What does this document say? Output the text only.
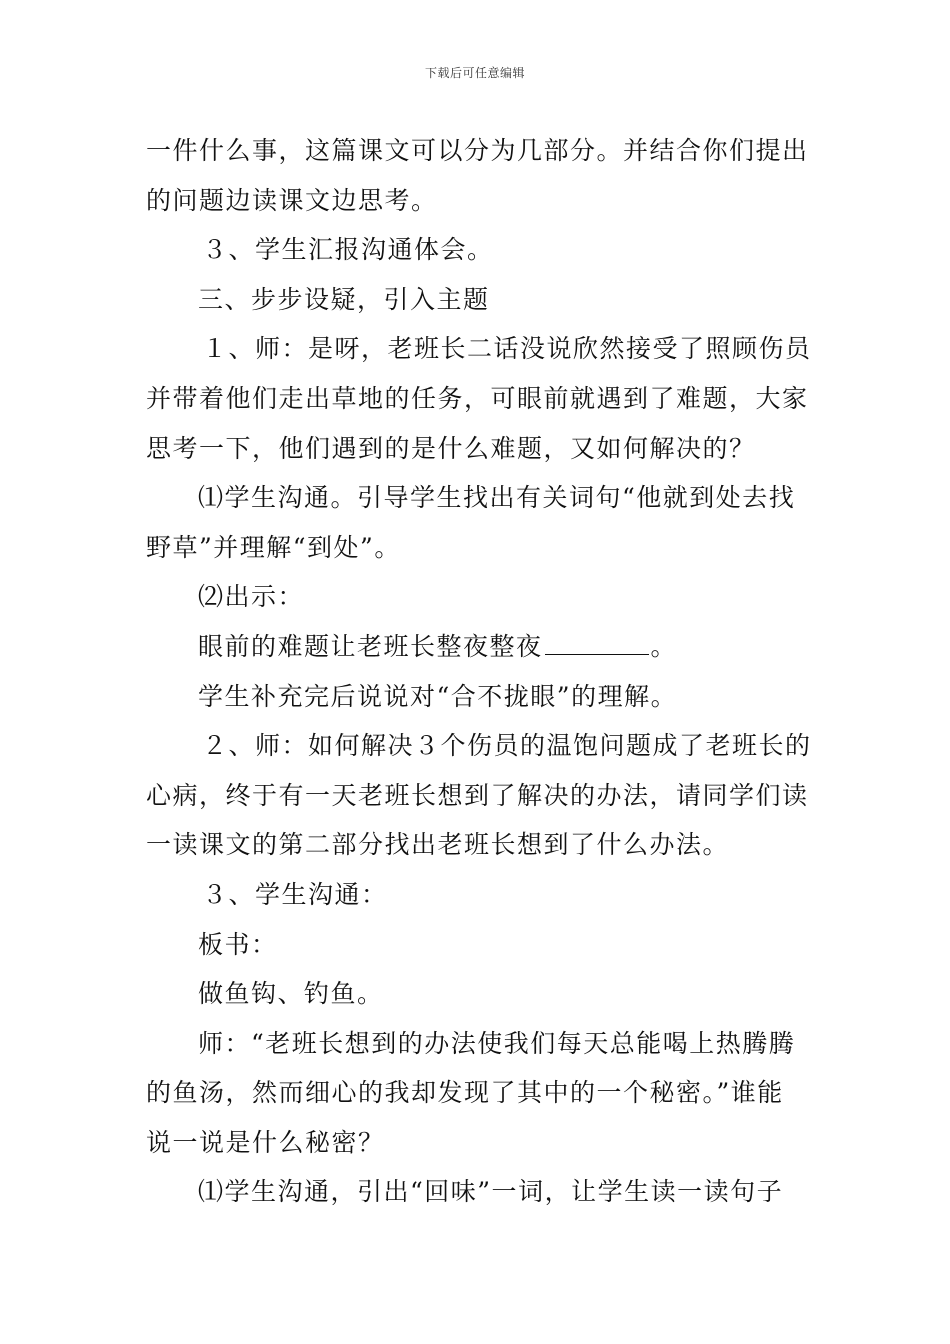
下载后可任意编辑
一件什么事，这篇课文可以分为几部分。并结合你们提出
的问题边读课文边思考。
３、学生汇报沟通体会。
三、步步设疑，引入主题
１、师：是呀，老班长二话没说欣然接受了照顾伤员
并带着他们走出草地的任务，可眼前就遇到了难题，大家
思考一下，他们遇到的是什么难题，又如何解决的？
⑴学生沟通。引导学生找出有关词句“他就到处去找
野草”并理解“到处”。
⑵出示：
眼前的难题让老班长整夜整夜	。
学生补充完后说说对“合不拢眼”的理解。
２、师：如何解决３个伤员的温饱问题成了老班长的
心病，终于有一天老班长想到了解决的办法，请同学们读
一读课文的第二部分找出老班长想到了什么办法。
３、学生沟通：
板书：
做鱼钩、钓鱼。
师：“老班长想到的办法使我们每天总能喝上热腾腾
的鱼汤，然而细心的我却发现了其中的一个秘密。”谁能
说一说是什么秘密？
⑴学生沟通，引出“回味”一词，让学生读一读句子
